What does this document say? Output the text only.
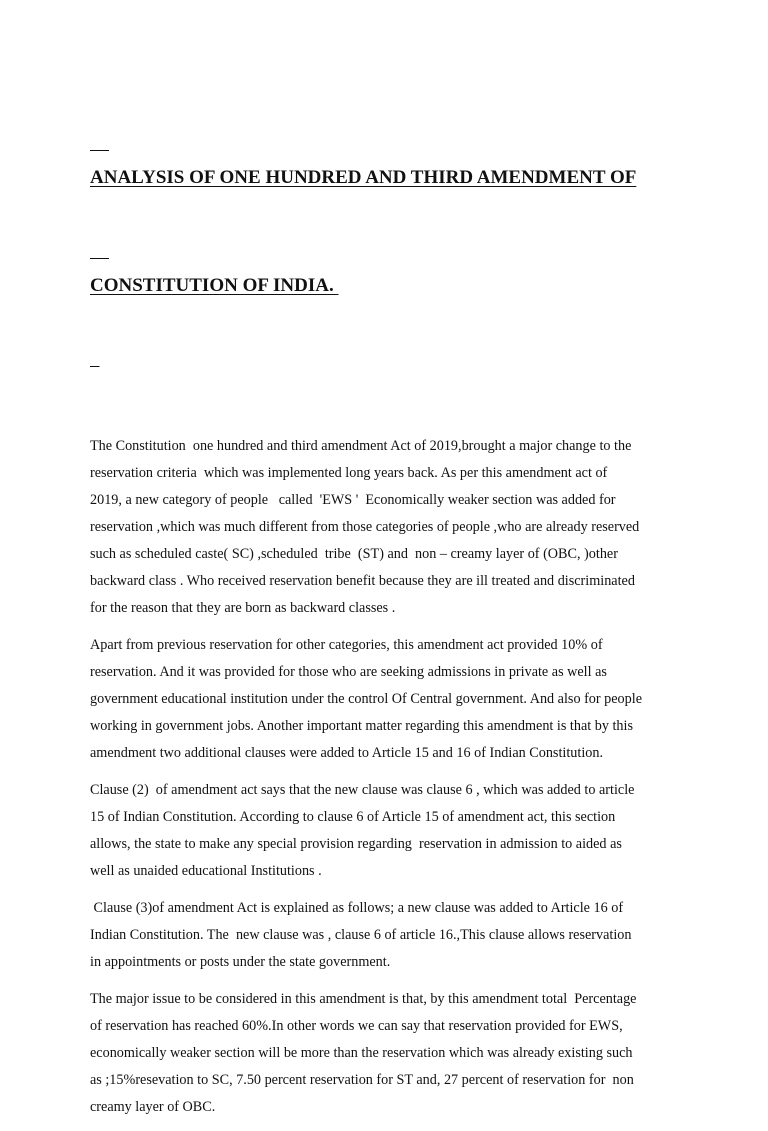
ANALYSIS OF ONE HUNDRED AND THIRD AMENDMENT OF

CONSTITUTION OF INDIA.

The Constitution  one hundred and third amendment Act of 2019,brought a major change to the
reservation criteria  which was implemented long years back. As per this amendment act of
2019, a new category of people   called  'EWS '  Economically weaker section was added for
reservation ,which was much different from those categories of people ,who are already reserved
such as scheduled caste( SC) ,scheduled  tribe  (ST) and  non – creamy layer of (OBC, )other
backward class . Who received reservation benefit because they are ill treated and discriminated
for the reason that they are born as backward classes .
Apart from previous reservation for other categories, this amendment act provided 10% of
reservation. And it was provided for those who are seeking admissions in private as well as
government educational institution under the control Of Central government. And also for people
working in government jobs. Another important matter regarding this amendment is that by this
amendment two additional clauses were added to Article 15 and 16 of Indian Constitution.
Clause (2)  of amendment act says that the new clause was clause 6 , which was added to article
15 of Indian Constitution. According to clause 6 of Article 15 of amendment act, this section
allows, the state to make any special provision regarding  reservation in admission to aided as
well as unaided educational Institutions .
Clause (3)of amendment Act is explained as follows; a new clause was added to Article 16 of
Indian Constitution. The  new clause was , clause 6 of article 16.,This clause allows reservation
in appointments or posts under the state government.
The major issue to be considered in this amendment is that, by this amendment total  Percentage
of reservation has reached 60%.In other words we can say that reservation provided for EWS,
economically weaker section will be more than the reservation which was already existing such
as ;15%resevation to SC, 7.50 percent reservation for ST and, 27 percent of reservation for  non
creamy layer of OBC.
